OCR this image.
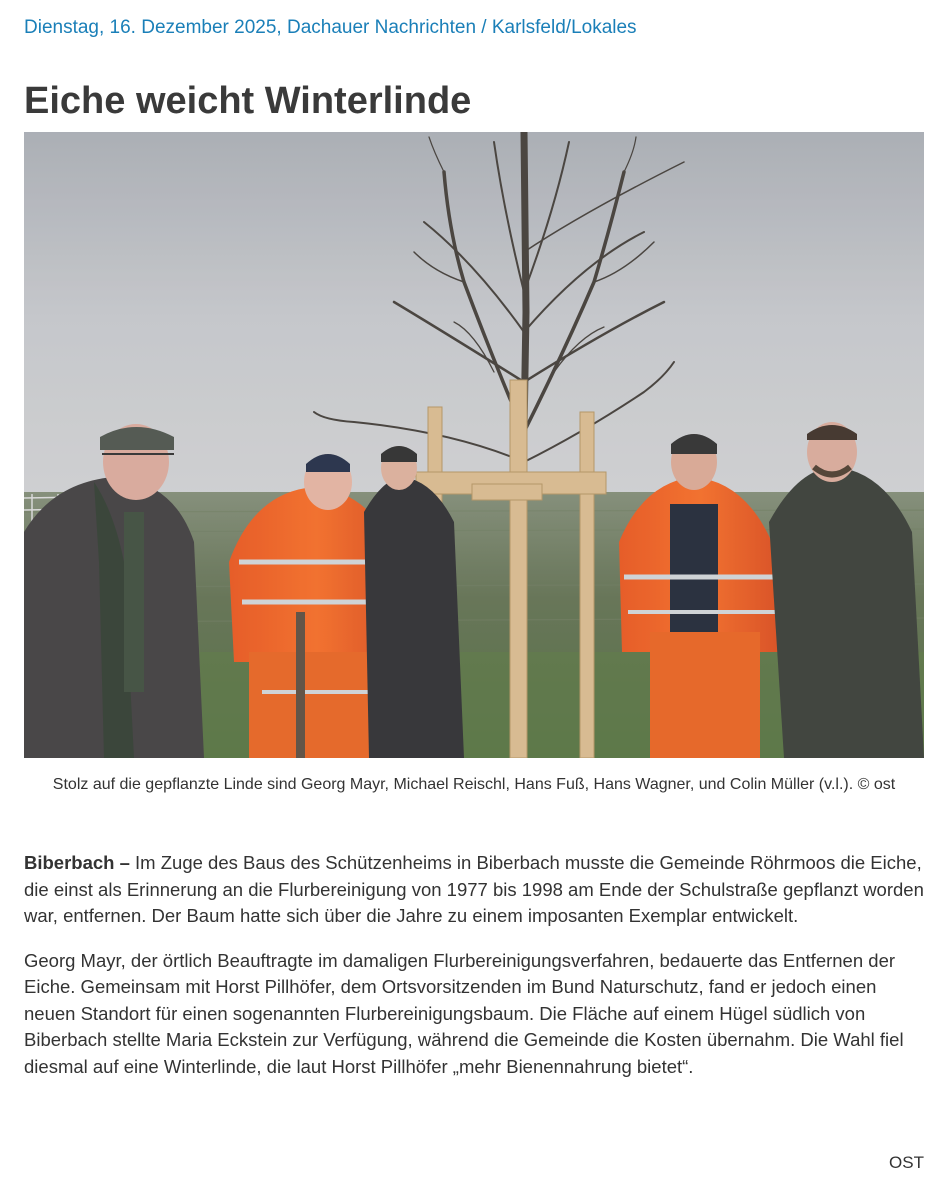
Dienstag, 16. Dezember 2025, Dachauer Nachrichten / Karlsfeld/Lokales
Eiche weicht Winterlinde
Stolz auf die gepflanzte Linde sind Georg Mayr, Michael Reischl, Hans Fuß, Hans Wagner, und Colin Müller (v.l.). © ost

Biberbach – Im Zuge des Baus des Schützenheims in Biberbach musste die Gemeinde Röhrmoos die Eiche, die einst als Erinnerung an die Flurbereinigung von 1977 bis 1998 am Ende der Schulstraße gepflanzt worden war, entfernen. Der Baum hatte sich über die Jahre zu einem imposanten Exemplar entwickelt.

Georg Mayr, der örtlich Beauftragte im damaligen Flurbereinigungsverfahren, bedauerte das Entfernen der Eiche. Gemeinsam mit Horst Pillhöfer, dem Ortsvorsitzenden im Bund Naturschutz, fand er jedoch einen neuen Standort für einen sogenannten Flurbereinigungsbaum. Die Fläche auf einem Hügel südlich von Biberbach stellte Maria Eckstein zur Verfügung, während die Gemeinde die Kosten übernahm. Die Wahl fiel diesmal auf eine Winterlinde, die laut Horst Pillhöfer „mehr Bienennahrung bietet“.

OST
